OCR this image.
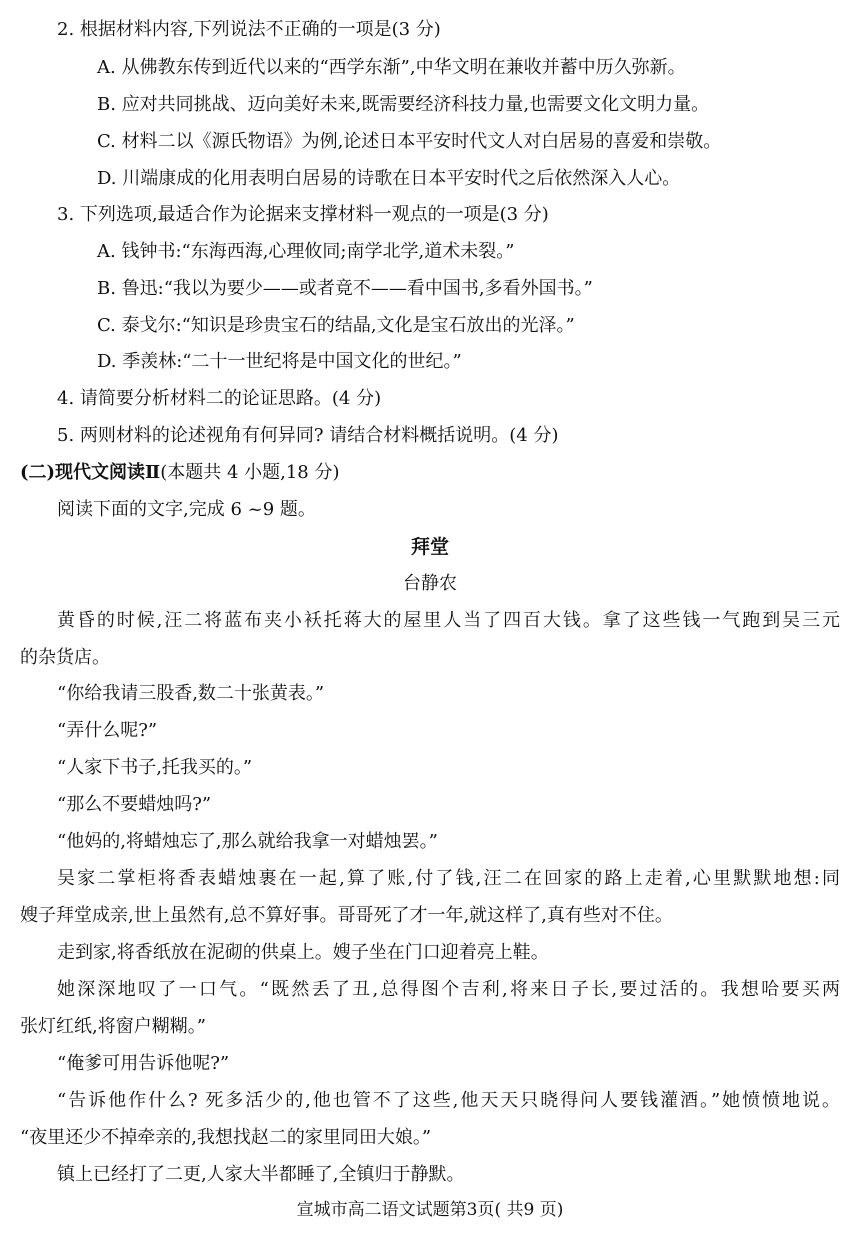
2. 根据材料内容,下列说法不正确的一项是(3 分)
A. 从佛教东传到近代以来的“西学东渐”,中华文明在兼收并蓄中历久弥新。
B. 应对共同挑战、迈向美好未来,既需要经济科技力量,也需要文化文明力量。
C. 材料二以《源氏物语》为例,论述日本平安时代文人对白居易的喜爱和崇敬。
D. 川端康成的化用表明白居易的诗歌在日本平安时代之后依然深入人心。
3. 下列选项,最适合作为论据来支撑材料一观点的一项是(3 分)
A. 钱钟书:“东海西海,心理攸同;南学北学,道术未裂。”
B. 鲁迅:“我以为要少——或者竟不——看中国书,多看外国书。”
C. 泰戈尔:“知识是珍贵宝石的结晶,文化是宝石放出的光泽。”
D. 季羡林:“二十一世纪将是中国文化的世纪。”
4. 请简要分析材料二的论证思路。(4 分)
5. 两则材料的论述视角有何异同? 请结合材料概括说明。(4 分)
(二)现代文阅读Ⅱ(本题共 4 小题,18 分)
阅读下面的文字,完成 6 ~9 题。
拜堂
台静农
黄昏的时候,汪二将蓝布夹小袄托蒋大的屋里人当了四百大钱。拿了这些钱一气跑到吴三元
的杂货店。
“你给我请三股香,数二十张黄表。”
“弄什么呢?”
“人家下书子,托我买的。”
“那么不要蜡烛吗?”
“他妈的,将蜡烛忘了,那么就给我拿一对蜡烛罢。”
吴家二掌柜将香表蜡烛裹在一起,算了账,付了钱,汪二在回家的路上走着,心里默默地想:同
嫂子拜堂成亲,世上虽然有,总不算好事。哥哥死了才一年,就这样了,真有些对不住。
走到家,将香纸放在泥砌的供桌上。嫂子坐在门口迎着亮上鞋。
她深深地叹了一口气。“既然丢了丑,总得图个吉利,将来日子长,要过活的。我想哈要买两
张灯红纸,将窗户糊糊。”
“俺爹可用告诉他呢?”
“告诉他作什么? 死多活少的,他也管不了这些,他天天只晓得问人要钱灌酒。”她愤愤地说。
“夜里还少不掉牵亲的,我想找赵二的家里同田大娘。”
镇上已经打了二更,人家大半都睡了,全镇归于静默。
宣城市高二语文试题第3页( 共9 页)
